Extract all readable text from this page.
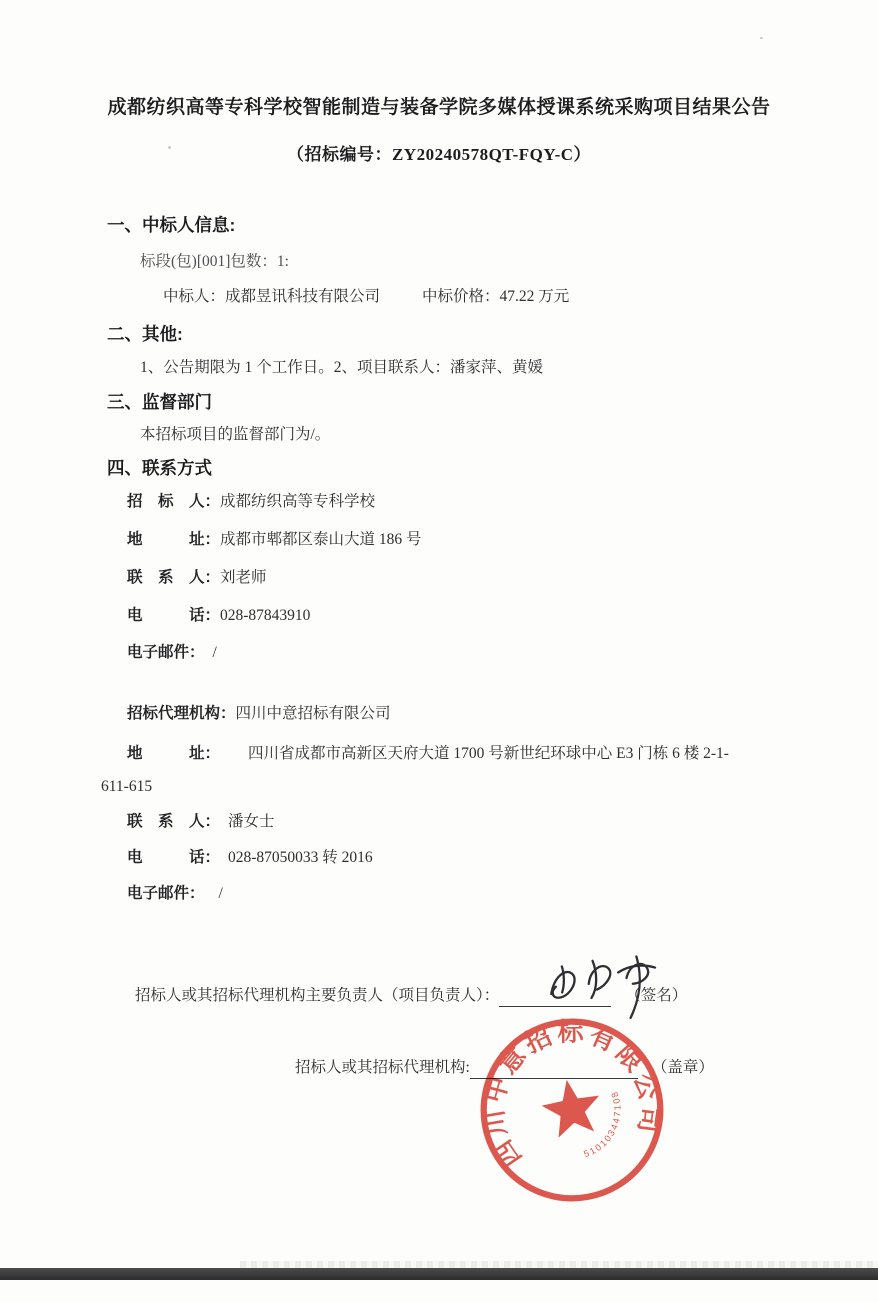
成都纺织高等专科学校智能制造与装备学院多媒体授课系统采购项目结果公告
（招标编号：ZY20240578QT-FQY-C）
一、中标人信息:
标段(包)[001]包数：1:
中标人：成都昱讯科技有限公司	中标价格：47.22 万元
二、其他:
1、公告期限为 1 个工作日。2、项目联系人：潘家萍、黄媛
三、监督部门
本招标项目的监督部门为/。
四、联系方式
招　标　人：成都纺织高等专科学校
地　　　址：成都市郫都区泰山大道 186 号
联　系　人：刘老师
电　　　话：028-87843910
电子邮件： /
招标代理机构：四川中意招标有限公司
地　　　址： 四川省成都市高新区天府大道 1700 号新世纪环球中心 E3 门栋 6 楼 2-1-
611-615
联　系　人： 潘女士
电　　　话： 028-87050033 转 2016
电子邮件： /
招标人或其招标代理机构主要负责人（项目负责人）：	（签名）
招标人或其招标代理机构:	（盖章）
四川中意招标有限公司
510103447108
